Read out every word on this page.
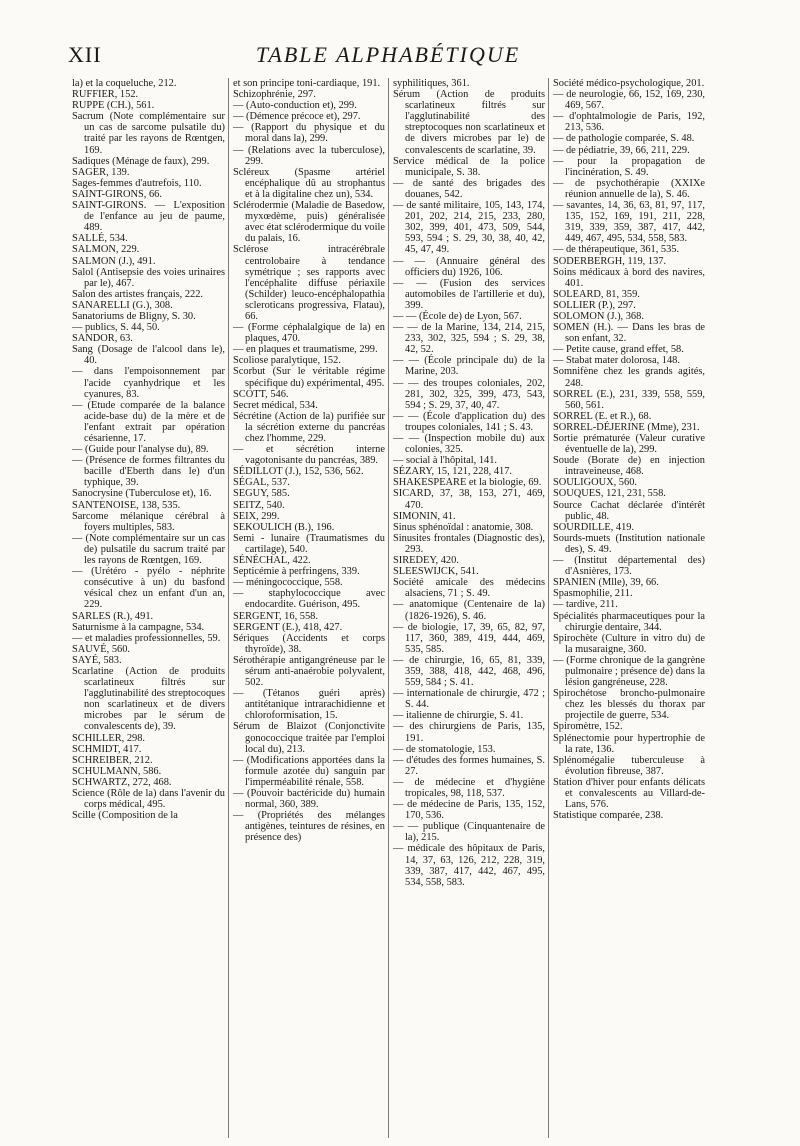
XII	TABLE ALPHABÉTIQUE

la) et la coqueluche, 212.

RUFFIER, 152.

RUPPE (CH.), 561.

Sacrum (Note complémentaire sur un cas de sarcome pulsatile du) traité par les rayons de Rœntgen, 169.

Sadiques (Ménage de faux), 299.

SAGER, 139.

Sages-femmes d'autrefois, 110.

SAINT-GIRONS, 66.

SAINT-GIRONS. — L'exposition de l'enfance au jeu de paume, 489.

SALLÉ, 534.

SALMON, 229.

SALMON (J.), 491.

Salol (Antisepsie des voies urinaires par le), 467.

Salon des artistes français, 222.

SANARELLI (G.), 308.

Sanatoriums de Bligny, S. 30.

— publics, S. 44, 50.

SANDOR, 63.

Sang (Dosage de l'alcool dans le), 40.

— dans l'empoisonnement par l'acide cyanhydrique et les cyanures, 83.

— (Etude comparée de la balance acide-base du) de la mère et de l'enfant extrait par opération césarienne, 17.

— (Guide pour l'analyse du), 89.

— (Présence de formes filtrantes du bacille d'Eberth dans le) d'un typhique, 39.

Sanocrysine (Tuberculose et), 16.

SANTENOISE, 138, 535.

Sarcome mélanique cérébral à foyers multiples, 583.

— (Note complémentaire sur un cas de) pulsatile du sacrum traité par les rayons de Rœntgen, 169.

— (Urétéro - pyélo - néphrite consécutive à un) du basfond vésical chez un enfant d'un an, 229.

SARLES (R.), 491.

Saturnisme à la campagne, 534.

— et maladies professionnelles, 59.

SAUVÉ, 560.

SAYÉ, 583.

Scarlatine (Action de produits scarlatineux filtrés sur l'agglutinabilité des streptocoques non scarlatineux et de divers microbes par le sérum de convalescents de), 39.

SCHILLER, 298.

SCHMIDT, 417.

SCHREIBER, 212.

SCHULMANN, 586.

SCHWARTZ, 272, 468.

Science (Rôle de la) dans l'avenir du corps médical, 495.

Scille (Composition de la

et son principe toni-cardiaque, 191.

Schizophrénie, 297.

— (Auto-conduction et), 299.

— (Démence précoce et), 297.

— (Rapport du physique et du moral dans la), 299.

— (Relations avec la tuberculose), 299.

Scléreux (Spasme artériel encéphalique dû au strophantus et à la digitaline chez un), 534.

Sclérodermie (Maladie de Basedow, myxœdème, puis) généralisée avec état sclérodermique du voile du palais, 16.

Sclérose intracérébrale centrolobaire à tendance symétrique ; ses rapports avec l'encéphalite diffuse périaxile (Schilder) leuco-encéphalopathia scleroticans progressiva, Flatau), 66.

— (Forme céphalalgique de la) en plaques, 470.

— en plaques et traumatisme, 299.

Scoliose paralytique, 152.

Scorbut (Sur le véritable régime spécifique du) expérimental, 495.

SCOTT, 546.

Secret médical, 534.

Sécrétine (Action de la) purifiée sur la sécrétion externe du pancréas chez l'homme, 229.

— et sécrétion interne vagotonisante du pancréas, 389.

SÉDILLOT (J.), 152, 536, 562.

SÉGAL, 537.

SEGUY, 585.

SEITZ, 540.

SEIX, 299.

SEKOULICH (B.), 196.

Semi - lunaire (Traumatismes du cartilage), 540.

SÉNÉCHAL, 422.

Septicémie à perfringens, 339.

— méningococcique, 558.

— staphylococcique avec endocardite. Guérison, 495.

SERGENT, 16, 558.

SERGENT (E.), 418, 427.

Sériques (Accidents et corps thyroïde), 38.

Sérothérapie antigangréneuse par le sérum anti-anaérobie polyvalent, 502.

— (Tétanos guéri après) antitétanique intrarachidienne et chloroformisation, 15.

Sérum de Blaizot (Conjonctivite gonococcique traitée par l'emploi local du), 213.

— (Modifications apportées dans la formule azotée du) sanguin par l'imperméabilité rénale, 558.

— (Pouvoir bactéricide du) humain normal, 360, 389.

— (Propriétés des mélanges antigènes, teintures de résines, en présence des)

syphilitiques, 361.

Sérum (Action de produits scarlatineux filtrés sur l'agglutinabilité des streptocoques non scarlatineux et de divers microbes par le) de convalescents de scarlatine, 39.

Service médical de la police municipale, S. 38.

— de santé des brigades des douanes, 542.

— de santé militaire, 105, 143, 174, 201, 202, 214, 215, 233, 280, 302, 399, 401, 473, 509, 544, 593, 594 ; S. 29, 30, 38, 40, 42, 45, 47, 49.

— — (Annuaire général des officiers du) 1926, 106.

— — (Fusion des services automobiles de l'artillerie et du), 399.

— — (École de) de Lyon, 567.

— — de la Marine, 134, 214, 215, 233, 302, 325, 594 ; S. 29, 38, 42, 52.

— — (École principale du) de la Marine, 203.

— — des troupes coloniales, 202, 281, 302, 325, 399, 473, 543, 594 ; S. 29, 37, 40, 47.

— — (École d'application du) des troupes coloniales, 141 ; S. 43.

— — (Inspection mobile du) aux colonies, 325.

— social à l'hôpital, 141.

SÉZARY, 15, 121, 228, 417.

SHAKESPEARE et la biologie, 69.

SICARD, 37, 38, 153, 271, 469, 470.

SIMONIN, 41.

Sinus sphénoïdal : anatomie, 308.

Sinusites frontales (Diagnostic des), 293.

SIREDEY, 420.

SLEESWIJCK, 541.

Société amicale des médecins alsaciens, 71 ; S. 49.

— anatomique (Centenaire de la) (1826-1926), S. 46.

— de biologie, 17, 39, 65, 82, 97, 117, 360, 389, 419, 444, 469, 535, 585.

— de chirurgie, 16, 65, 81, 339, 359, 388, 418, 442, 468, 496, 559, 584 ; S. 41.

— internationale de chirurgie, 472 ; S. 44.

— italienne de chirurgie, S. 41.

— des chirurgiens de Paris, 135, 191.

— de stomatologie, 153.

— d'études des formes humaines, S. 27.

— de médecine et d'hygiène tropicales, 98, 118, 537.

— de médecine de Paris, 135, 152, 170, 536.

— — publique (Cinquantenaire de la), 215.

— médicale des hôpitaux de Paris, 14, 37, 63, 126, 212, 228, 319, 339, 387, 417, 442, 467, 495, 534, 558, 583.

Société médico-psychologique, 201.

— de neurologie, 66, 152, 169, 230, 469, 567.

— d'ophtalmologie de Paris, 192, 213, 536.

— de pathologie comparée, S. 48.

— de pédiatrie, 39, 66, 211, 229.

— pour la propagation de l'incinération, S. 49.

— de psychothérapie (XXIXe réunion annuelle de la), S. 46.

— savantes, 14, 36, 63, 81, 97, 117, 135, 152, 169, 191, 211, 228, 319, 339, 359, 387, 417, 442, 449, 467, 495, 534, 558, 583.

— de thérapeutique, 361, 535.

SODERBERGH, 119, 137.

Soins médicaux à bord des navires, 401.

SOLEARD, 81, 359.

SOLLIER (P.), 297.

SOLOMON (J.), 368.

SOMEN (H.). — Dans les bras de son enfant, 32.

— Petite cause, grand effet, 58.

— Stabat mater dolorosa, 148.

Somnifène chez les grands agités, 248.

SORREL (E.), 231, 339, 558, 559, 560, 561.

SORREL (E. et R.), 68.

SORREL-DÉJERINE (Mme), 231.

Sortie prématurée (Valeur curative éventuelle de la), 299.

Soude (Borate de) en injection intraveineuse, 468.

SOULIGOUX, 560.

SOUQUES, 121, 231, 558.

Source Cachat déclarée d'intérêt public, 48.

SOURDILLE, 419.

Sourds-muets (Institution nationale des), S. 49.

— (Institut départemental des) d'Asnières, 173.

SPANIEN (Mlle), 39, 66.

Spasmophilie, 211.

— tardive, 211.

Spécialités pharmaceutiques pour la chirurgie dentaire, 344.

Spirochète (Culture in vitro du) de la musaraigne, 360.

— (Forme chronique de la gangrène pulmonaire ; présence de) dans la lésion gangréneuse, 228.

Spirochétose broncho-pulmonaire chez les blessés du thorax par projectile de guerre, 534.

Spiromètre, 152.

Splénectomie pour hypertrophie de la rate, 136.

Splénomégalie tuberculeuse à évolution fibreuse, 387.

Station d'hiver pour enfants délicats et convalescents au Villard-de-Lans, 576.

Statistique comparée, 238.
